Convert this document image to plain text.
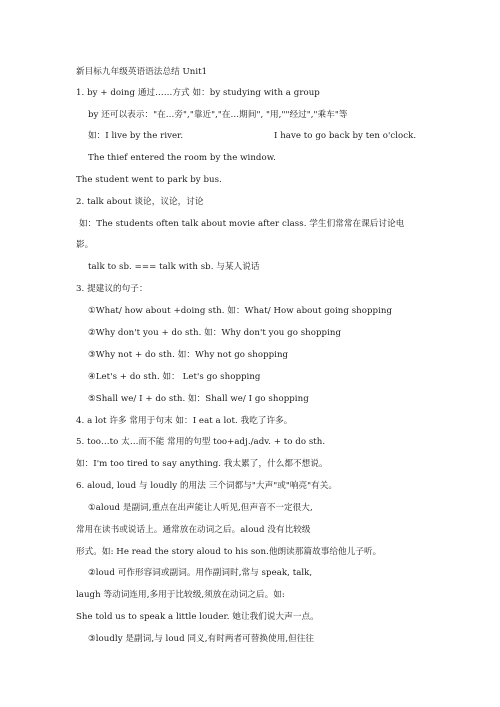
新目标九年级英语语法总结 Unit1
1. by + doing 通过……方式 如：by studying with a group
by 还可以表示："在…旁","靠近","在…期间", "用,""经过","乘车"等
如：I live by the river.	I have to go back by ten o'clock.
The thief entered the room by the window.
The student went to park by bus.
2. talk about 谈论，议论，讨论
如：The students often talk about movie after class. 学生们常常在课后讨论电
影。
talk to sb. === talk with sb. 与某人说话
3. 提建议的句子：
①What/ how about +doing sth. 如：What/ How about going shopping
②Why don't you + do sth. 如：Why don't you go shopping
③Why not + do sth. 如：Why not go shopping
④Let's + do sth. 如： Let's go shopping
⑤Shall we/ I + do sth. 如：Shall we/ I go shopping
4. a lot 许多 常用于句末 如：I eat a lot. 我吃了许多。
5. too…to 太…而不能 常用的句型 too+adj./adv. + to do sth.
如：I'm too tired to say anything. 我太累了，什么都不想说。
6. aloud, loud 与 loudly 的用法 三个词都与"大声"或"响亮"有关。
①aloud 是副词,重点在出声能让人听见,但声音不一定很大,
常用在读书或说话上。通常放在动词之后。aloud 没有比较级
形式。如: He read the story aloud to his son.他朗读那篇故事给他儿子听。
②loud 可作形容词或副词。用作副词时,常与 speak, talk,
laugh 等动词连用,多用于比较级,须放在动词之后。如:
She told us to speak a little louder. 她让我们说大声一点。
③loudly 是副词,与 loud 同义,有时两者可替换使用,但往往
